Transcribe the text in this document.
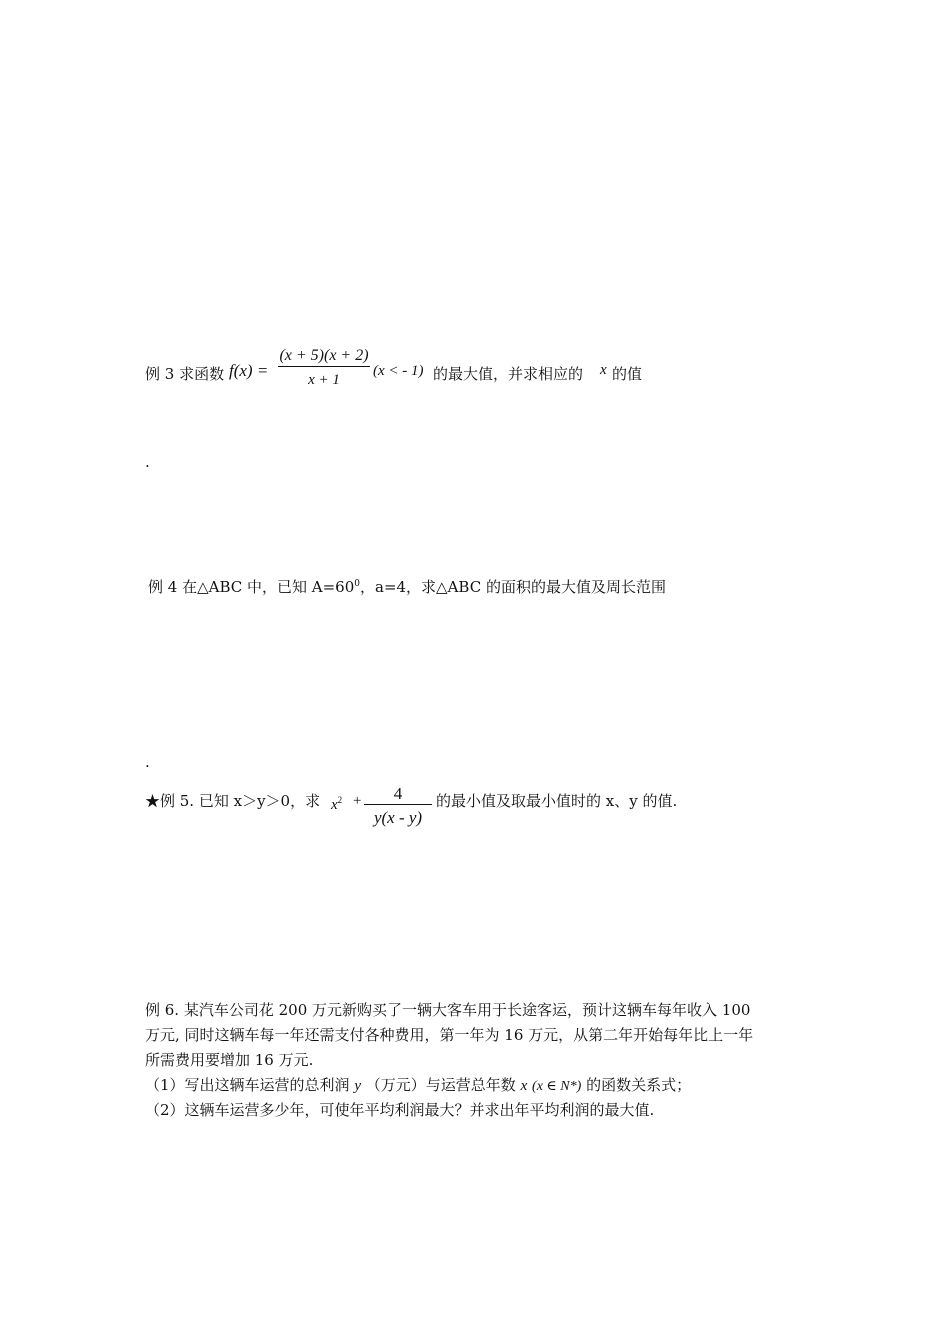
例 3 求函数 f(x) =
(x + 5)(x + 2)
x + 1
(x < - 1) 的最大值，并求相应的 x 的值
.
例 4 在△ABC 中，已知 $A=60^0$，a=4，求△ABC 的面积的最大值及周长范围
.
★例 5. 已知 x＞y＞0，求 $x^2$ +	4
y(x - y)
的最小值及取最小值时的 x、y 的值.
例 6. 某汽车公司花 200 万元新购买了一辆大客车用于长途客运，预计这辆车每年收入 100
万元, 同时这辆车每一年还需支付各种费用，第一年为 16 万元，从第二年开始每年比上一年
所需费用要增加 16 万元.
（1）写出这辆车运营的总利润 y （万元）与运营总年数 x (x ∈ N*) 的函数关系式；
（2）这辆车运营多少年，可使年平均利润最大？并求出年平均利润的最大值.
